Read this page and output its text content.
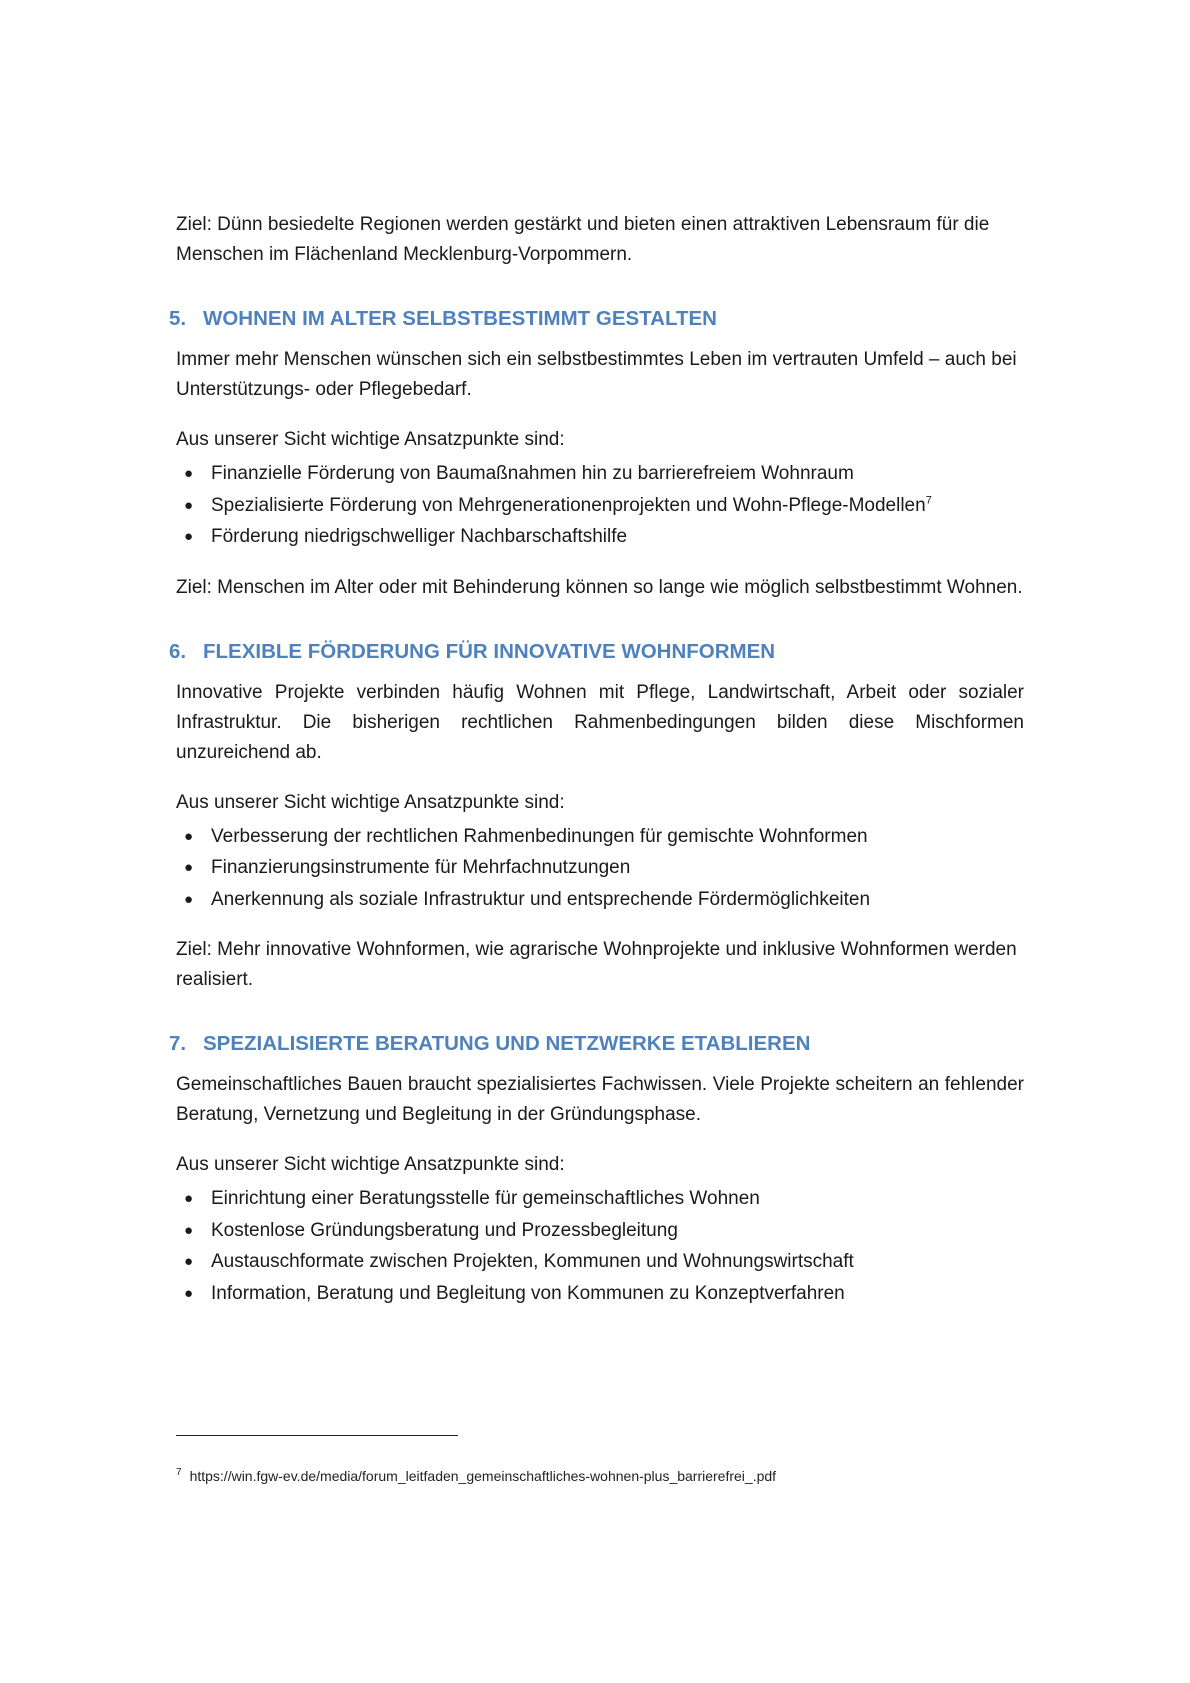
Ziel: Dünn besiedelte Regionen werden gestärkt und bieten einen attraktiven Lebensraum für die Menschen im Flächenland Mecklenburg-Vorpommern.

5. WOHNEN IM ALTER SELBSTBESTIMMT GESTALTEN

Immer mehr Menschen wünschen sich ein selbstbestimmtes Leben im vertrauten Umfeld – auch bei Unterstützungs- oder Pflegebedarf.

Aus unserer Sicht wichtige Ansatzpunkte sind:

● Finanzielle Förderung von Baumaßnahmen hin zu barrierefreiem Wohnraum
● Spezialisierte Förderung von Mehrgenerationenprojekten und Wohn-Pflege-Modellen$^7$
● Förderung niedrigschwelliger Nachbarschaftshilfe

Ziel: Menschen im Alter oder mit Behinderung können so lange wie möglich selbstbestimmt Wohnen.

6. FLEXIBLE FÖRDERUNG FÜR INNOVATIVE WOHNFORMEN

Innovative Projekte verbinden häufig Wohnen mit Pflege, Landwirtschaft, Arbeit oder sozialer Infrastruktur. Die bisherigen rechtlichen Rahmenbedingungen bilden diese Mischformen unzureichend ab.

Aus unserer Sicht wichtige Ansatzpunkte sind:

● Verbesserung der rechtlichen Rahmenbedinungen für gemischte Wohnformen
● Finanzierungsinstrumente für Mehrfachnutzungen
● Anerkennung als soziale Infrastruktur und entsprechende Fördermöglichkeiten

Ziel: Mehr innovative Wohnformen, wie agrarische Wohnprojekte und inklusive Wohnformen werden realisiert.

7. SPEZIALISIERTE BERATUNG UND NETZWERKE ETABLIEREN

Gemeinschaftliches Bauen braucht spezialisiertes Fachwissen. Viele Projekte scheitern an fehlender Beratung, Vernetzung und Begleitung in der Gründungsphase.

Aus unserer Sicht wichtige Ansatzpunkte sind:

● Einrichtung einer Beratungsstelle für gemeinschaftliches Wohnen
● Kostenlose Gründungsberatung und Prozessbegleitung
● Austauschformate zwischen Projekten, Kommunen und Wohnungswirtschaft
● Information, Beratung und Begleitung von Kommunen zu Konzeptverfahren
$^7$ https://win.fgw-ev.de/media/forum_leitfaden_gemeinschaftliches-wohnen-plus_barrierefrei_.pdf
